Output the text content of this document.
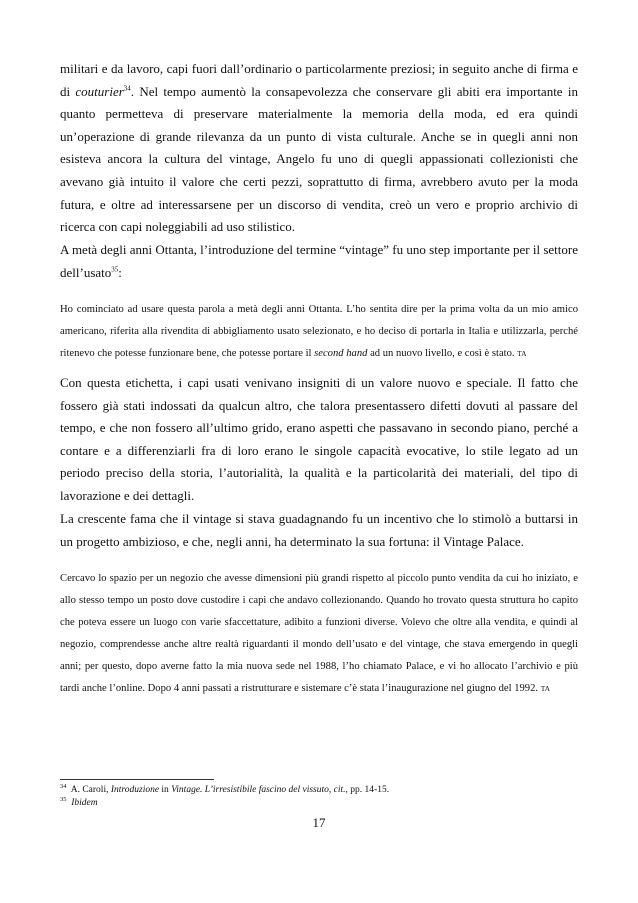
militari e da lavoro, capi fuori dall’ordinario o particolarmente preziosi; in seguito anche di firma e di couturier$^{34}$. Nel tempo aumentò la consapevolezza che conservare gli abiti era importante in quanto permetteva di preservare materialmente la memoria della moda, ed era quindi un’operazione di grande rilevanza da un punto di vista culturale. Anche se in quegli anni non esisteva ancora la cultura del vintage, Angelo fu uno di quegli appassionati collezionisti che avevano già intuito il valore che certi pezzi, soprattutto di firma, avrebbero avuto per la moda futura, e oltre ad interessarsene per un discorso di vendita, creò un vero e proprio archivio di ricerca con capi noleggiabili ad uso stilistico.

A metà degli anni Ottanta, l’introduzione del termine “vintage” fu uno step importante per il settore dell’usato$^{35}$:

Ho cominciato ad usare questa parola a metà degli anni Ottanta. L’ho sentita dire per la prima volta da un mio amico americano, riferita alla rivendita di abbigliamento usato selezionato, e ho deciso di portarla in Italia e utilizzarla, perché ritenevo che potesse funzionare bene, che potesse portare il second hand ad un nuovo livello, e così è stato. TA

Con questa etichetta, i capi usati venivano insigniti di un valore nuovo e speciale. Il fatto che fossero già stati indossati da qualcun altro, che talora presentassero difetti dovuti al passare del tempo, e che non fossero all’ultimo grido, erano aspetti che passavano in secondo piano, perché a contare e a differenziarli fra di loro erano le singole capacità evocative, lo stile legato ad un periodo preciso della storia, l’autorialità, la qualità e la particolarità dei materiali, del tipo di lavorazione e dei dettagli.

La crescente fama che il vintage si stava guadagnando fu un incentivo che lo stimolò a buttarsi in un progetto ambizioso, e che, negli anni, ha determinato la sua fortuna: il Vintage Palace.

Cercavo lo spazio per un negozio che avesse dimensioni più grandi rispetto al piccolo punto vendita da cui ho iniziato, e allo stesso tempo un posto dove custodire i capi che andavo collezionando. Quando ho trovato questa struttura ho capito che poteva essere un luogo con varie sfaccettature, adibito a funzioni diverse. Volevo che oltre alla vendita, e quindi al negozio, comprendesse anche altre realtà riguardanti il mondo dell’usato e del vintage, che stava emergendo in quegli anni; per questo, dopo averne fatto la mia nuova sede nel 1988, l’ho chiamato Palace, e vi ho allocato l’archivio e più tardi anche l’online. Dopo 4 anni passati a ristrutturare e sistemare c’è stata l’inaugurazione nel giugno del 1992. TA

$^{34}$ A. Caroli, Introduzione in Vintage. L’irresistibile fascino del vissuto, cit., pp. 14-15.
$^{35}$ Ibidem
17
